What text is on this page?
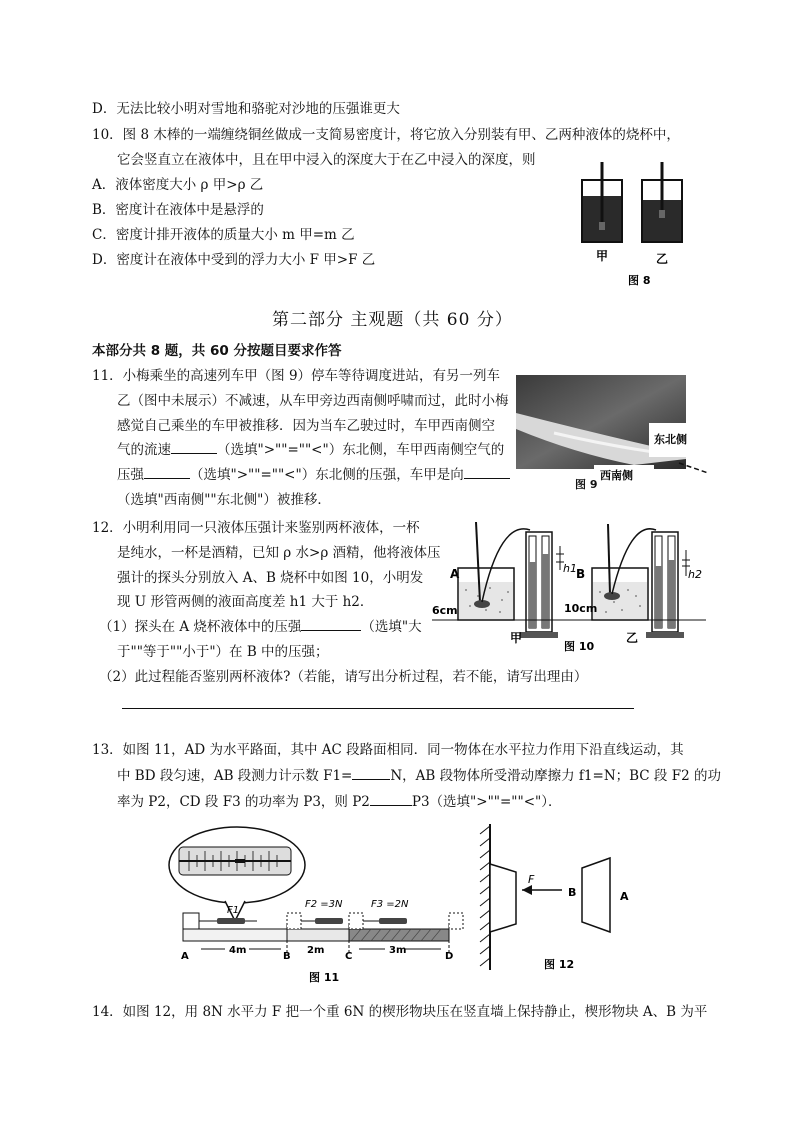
D．无法比较小明对雪地和骆驼对沙地的压强谁更大
10．图 8 木棒的一端缠绕铜丝做成一支简易密度计，将它放入分别装有甲、乙两种液体的烧杯中，
它会竖直立在液体中，且在甲中浸入的深度大于在乙中浸入的深度，则
A．液体密度大小 ρ 甲>ρ 乙
B．密度计在液体中是悬浮的
C．密度计排开液体的质量大小 m 甲=m 乙
D．密度计在液体中受到的浮力大小 F 甲>F 乙	甲	乙
图 8
第二部分 主观题（共 60 分）
本部分共 8 题，共 60 分按题目要求作答
11．小梅乘坐的高速列车甲（图 9）停车等待调度进站，有另一列车
乙（图中未展示）不减速，从车甲旁边西南侧呼啸而过，此时小梅
感觉自己乘坐的车甲被推移．因为当车乙驶过时，车甲西南侧空
气的流速	（选填">""=""<"）东北侧，车甲西南侧空气的
压强	（选填">""=""<"）东北侧的压强，车甲是向
（选填"西南侧""东北侧"）被推移．
东北侧
西南侧
图 9
12．小明利用同一只液体压强计来鉴别两杯液体，一杯
是纯水，一杯是酒精，已知 ρ 水>ρ 酒精，他将液体压
强计的探头分别放入 A、B 烧杯中如图 10，小明发
现 U 形管两侧的液面高度差 h1 大于 h2．
（1）探头在 A 烧杯液体中的压强	（选填"大
于""等于""小于"）在 B 中的压强；
（2）此过程能否鉴别两杯液体?（若能，请写出分析过程，若不能，请写出理由）
A	h1
6cm
甲
B	h2
10cm
乙
图 10
13．如图 11，AD 为水平路面，其中 AC 段路面相同．同一物体在水平拉力作用下沿直线运动，其
中 BD 段匀速，AB 段测力计示数 F1=	N，AB 段物体所受滑动摩擦力 f1=N；BC 段 F2 的功
率为 P2，CD 段 F3 的功率为 P3，则 P2	P3（选填">""=""<"）．
F1
F2 =3N	F3 =2N
4m	2m	3m
A	B	C	D
图 11
F
B	A
图 12
14．如图 12，用 8N 水平力 F 把一个重 6N 的楔形物块压在竖直墙上保持静止，楔形物块 A、B 为平
